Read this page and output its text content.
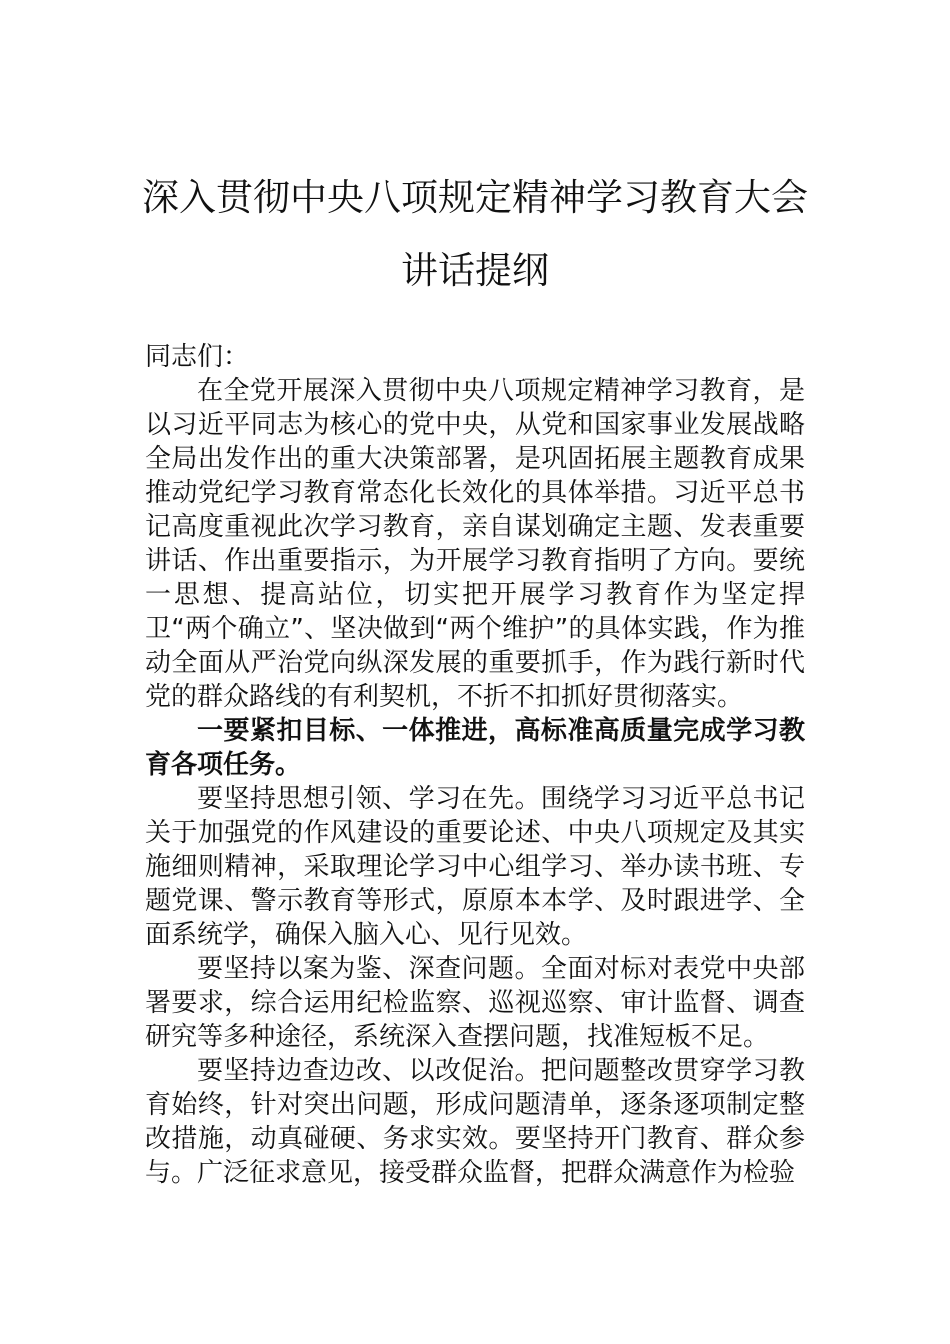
深入贯彻中央八项规定精神学习教育大会
讲话提纲

同志们：

在全党开展深入贯彻中央八项规定精神学习教育，是以习近平同志为核心的党中央，从党和国家事业发展战略全局出发作出的重大决策部署，是巩固拓展主题教育成果推动党纪学习教育常态化长效化的具体举措。习近平总书记高度重视此次学习教育，亲自谋划确定主题、发表重要讲话、作出重要指示，为开展学习教育指明了方向。要统一思想、提高站位，切实把开展学习教育作为坚定捍卫“两个确立”、坚决做到“两个维护”的具体实践，作为推动全面从严治党向纵深发展的重要抓手，作为践行新时代党的群众路线的有利契机，不折不扣抓好贯彻落实。

一要紧扣目标、一体推进，高标准高质量完成学习教育各项任务。

要坚持思想引领、学习在先。围绕学习习近平总书记关于加强党的作风建设的重要论述、中央八项规定及其实施细则精神，采取理论学习中心组学习、举办读书班、专题党课、警示教育等形式，原原本本学、及时跟进学、全面系统学，确保入脑入心、见行见效。

要坚持以案为鉴、深查问题。全面对标对表党中央部署要求，综合运用纪检监察、巡视巡察、审计监督、调查研究等多种途径，系统深入查摆问题，找准短板不足。

要坚持边查边改、以改促治。把问题整改贯穿学习教育始终，针对突出问题，形成问题清单，逐条逐项制定整改措施，动真碰硬、务求实效。要坚持开门教育、群众参与。广泛征求意见，接受群众监督，把群众满意作为检验
